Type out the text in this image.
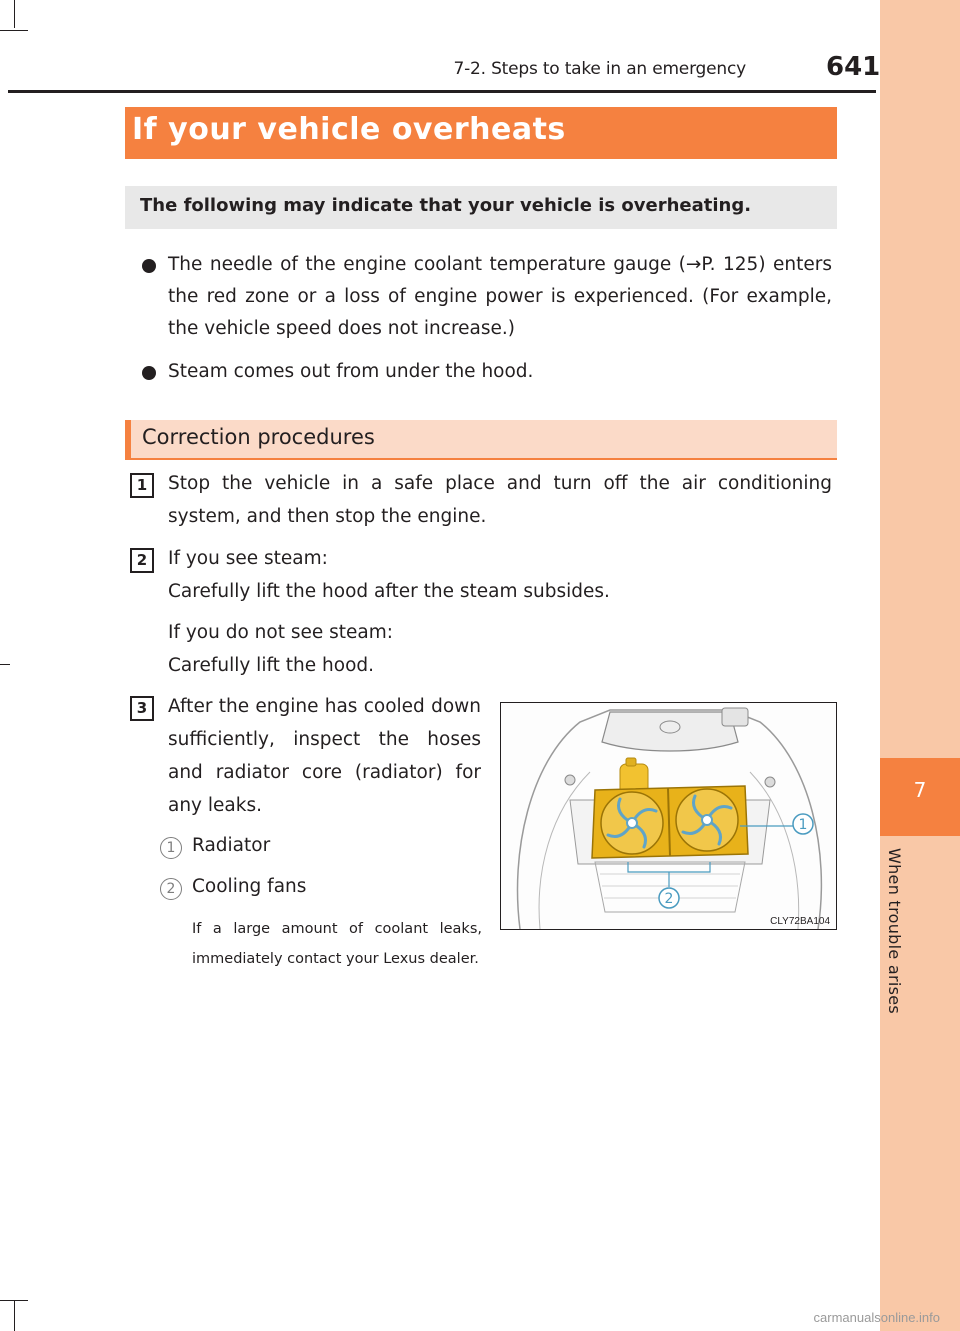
7
When trouble arises
7-2. Steps to take in an emergency	641
If your vehicle overheats
The following may indicate that your vehicle is overheating.
The needle of the engine coolant temperature gauge (→P. 125) enters the red zone or a loss of engine power is experienced. (For example, the vehicle speed does not increase.)
Steam comes out from under the hood.
Correction procedures
1	Stop the vehicle in a safe place and turn off the air conditioning system, and then stop the engine.
2	If you see steam:
Carefully lift the hood after the steam subsides.
If you do not see steam:
Carefully lift the hood.
3	After the engine has cooled down sufficiently, inspect the hoses and radiator core (radiator) for any leaks.
1 Radiator
2 Cooling fans
If a large amount of coolant leaks, immediately contact your Lexus dealer.
1
2
CLY72BA104
carmanualsonline.info
